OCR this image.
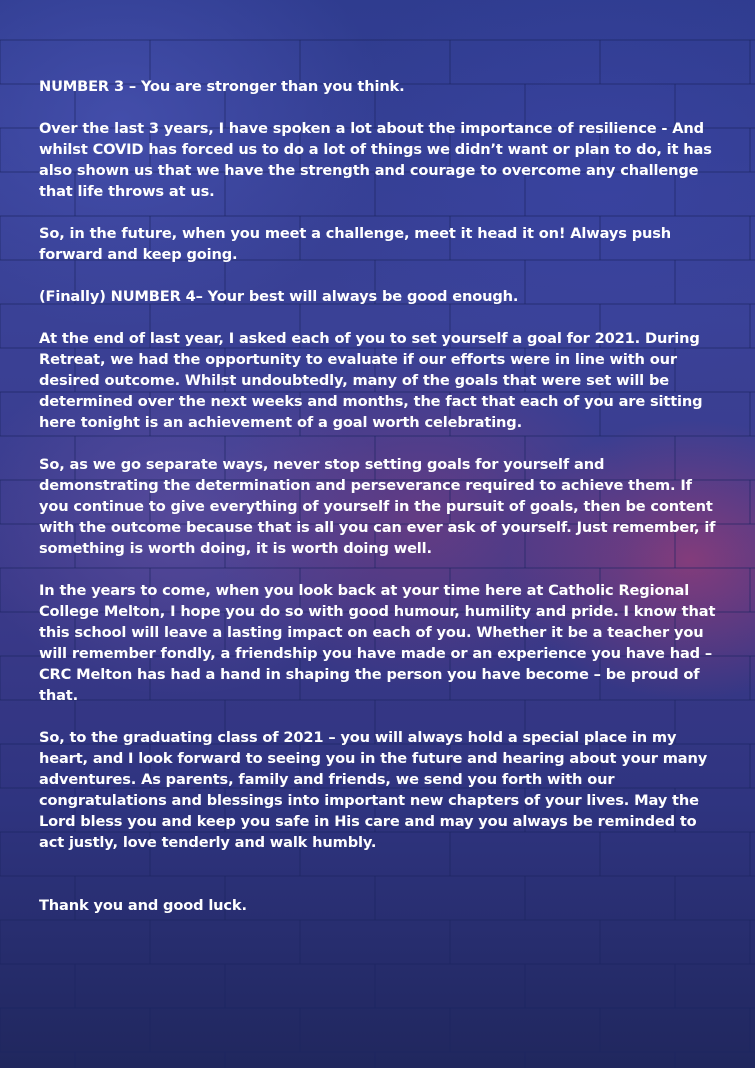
NUMBER 3 – You are stronger than you think.

Over the last 3 years, I have spoken a lot about the importance of resilience - And whilst COVID has forced us to do a lot of things we didn’t want or plan to do, it has also shown us that we have the strength and courage to overcome any challenge that life throws at us.

So, in the future, when you meet a challenge, meet it head it on! Always push forward and keep going.

(Finally) NUMBER 4– Your best will always be good enough.

At the end of last year, I asked each of you to set yourself a goal for 2021. During Retreat, we had the opportunity to evaluate if our efforts were in line with our desired outcome. Whilst undoubtedly, many of the goals that were set will be determined over the next weeks and months, the fact that each of you are sitting here tonight is an achievement of a goal worth celebrating.

So, as we go separate ways, never stop setting goals for yourself and demonstrating the determination and perseverance required to achieve them. If you continue to give everything of yourself in the pursuit of goals, then be content with the outcome because that is all you can ever ask of yourself. Just remember, if something is worth doing, it is worth doing well.

In the years to come, when you look back at your time here at Catholic Regional College Melton, I hope you do so with good humour, humility and pride. I know that this school will leave a lasting impact on each of you. Whether it be a teacher you will remember fondly, a friendship you have made or an experience you have had – CRC Melton has had a hand in shaping the person you have become – be proud of that.

So, to the graduating class of 2021 – you will always hold a special place in my heart, and I look forward to seeing you in the future and hearing about your many adventures. As parents, family and friends, we send you forth with our congratulations and blessings into important new chapters of your lives. May the Lord bless you and keep you safe in His care and may you always be reminded to act justly, love tenderly and walk humbly.

Thank you and good luck.
